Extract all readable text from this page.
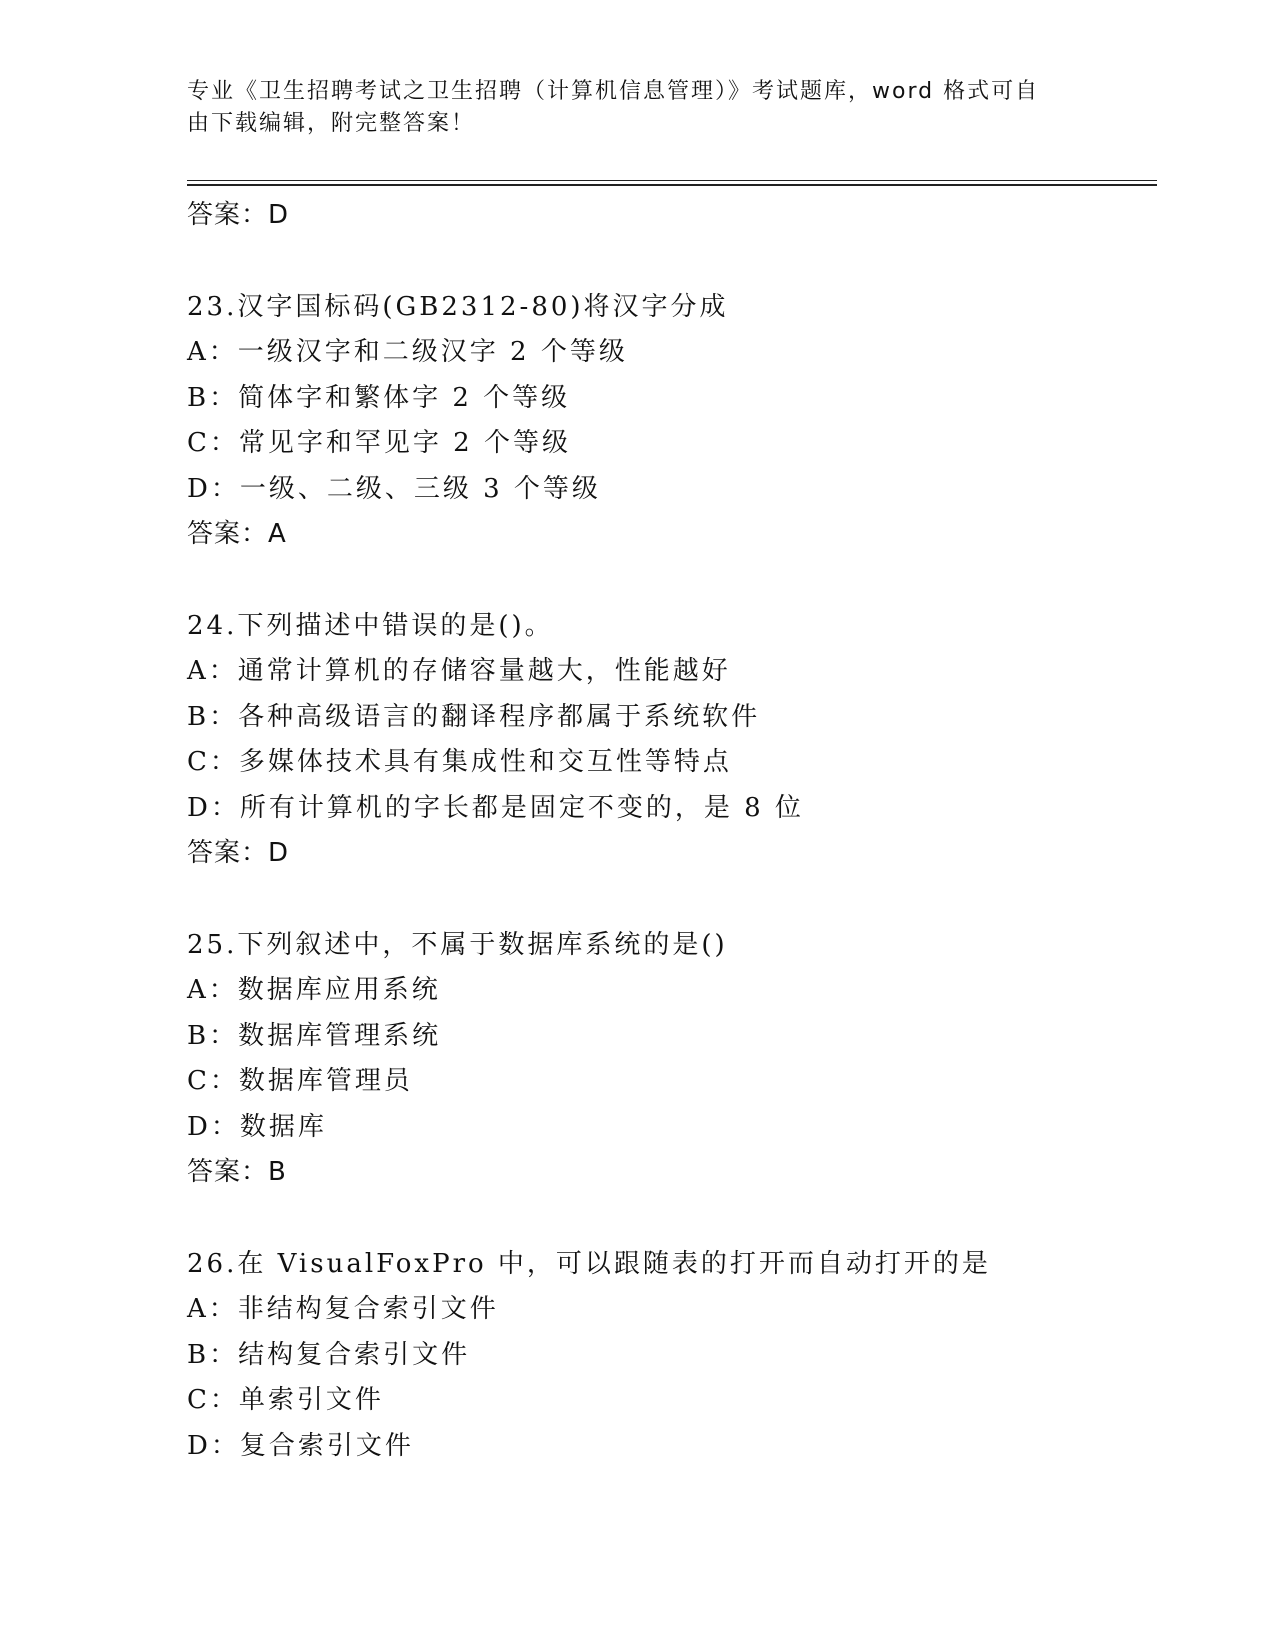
专业《卫生招聘考试之卫生招聘（计算机信息管理）》考试题库，word 格式可自
由下载编辑，附完整答案！
答案：D
23.汉字国标码(GB2312-80)将汉字分成
A：一级汉字和二级汉字 2 个等级
B：简体字和繁体字 2 个等级
C：常见字和罕见字 2 个等级
D：一级、二级、三级 3 个等级
答案：A
24.下列描述中错误的是()。
A：通常计算机的存储容量越大，性能越好
B：各种高级语言的翻译程序都属于系统软件
C：多媒体技术具有集成性和交互性等特点
D：所有计算机的字长都是固定不变的，是 8 位
答案：D
25.下列叙述中，不属于数据库系统的是()
A：数据库应用系统
B：数据库管理系统
C：数据库管理员
D：数据库
答案：B
26.在 VisualFoxPro 中，可以跟随表的打开而自动打开的是
A：非结构复合索引文件
B：结构复合索引文件
C：单索引文件
D：复合索引文件
